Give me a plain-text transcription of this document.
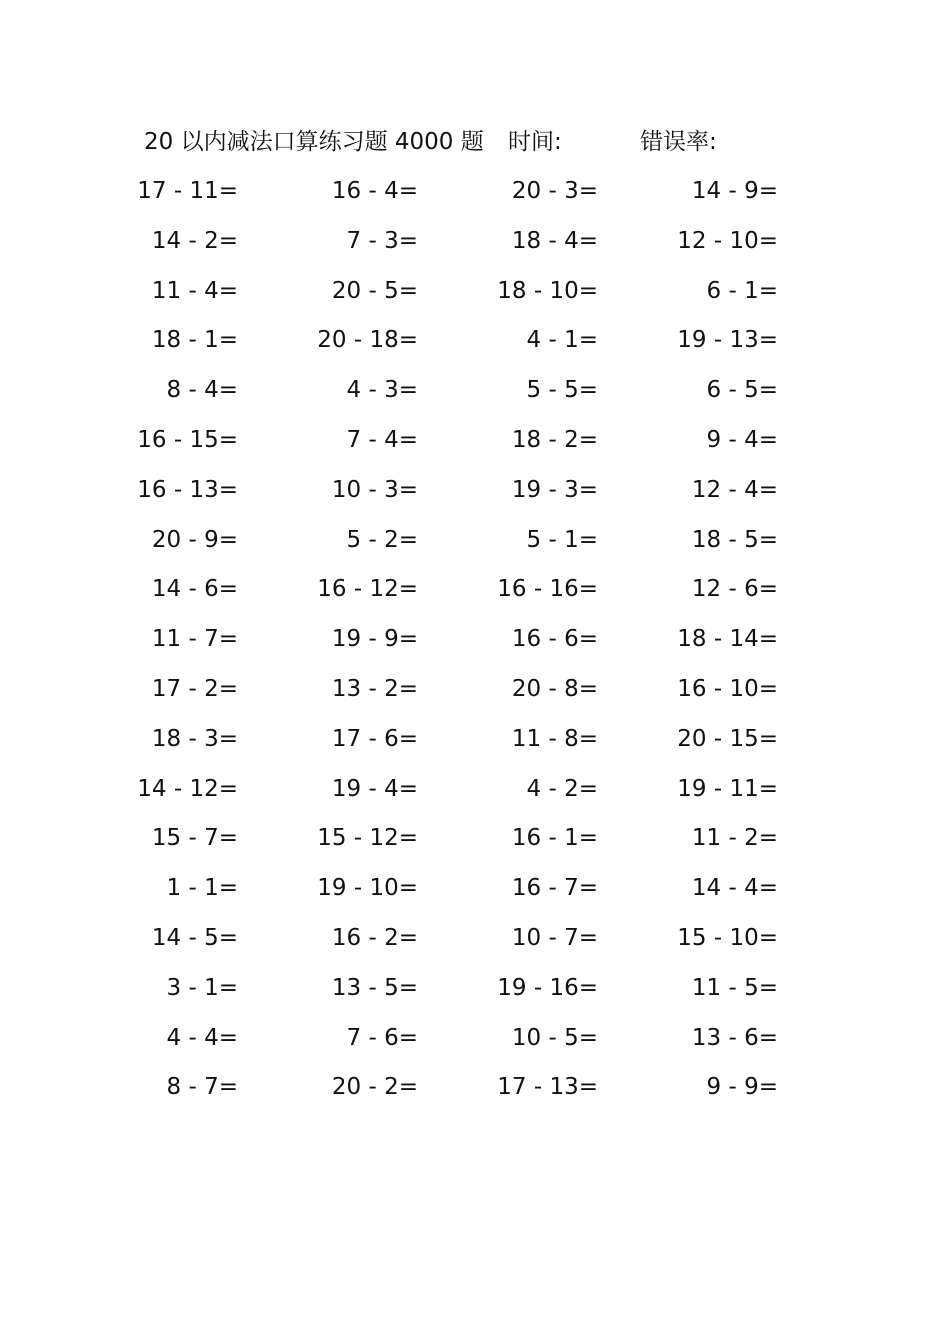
20 以内减法口算练习题 4000 题 时间:	错误率:
17 - 11=	16 - 4=	20 - 3=	14 - 9=
14 - 2=	7 - 3=	18 - 4=	12 - 10=
11 - 4=	20 - 5=	18 - 10=	6 - 1=
18 - 1=	20 - 18=	4 - 1=	19 - 13=
8 - 4=	4 - 3=	5 - 5=	6 - 5=
16 - 15=	7 - 4=	18 - 2=	9 - 4=
16 - 13=	10 - 3=	19 - 3=	12 - 4=
20 - 9=	5 - 2=	5 - 1=	18 - 5=
14 - 6=	16 - 12=	16 - 16=	12 - 6=
11 - 7=	19 - 9=	16 - 6=	18 - 14=
17 - 2=	13 - 2=	20 - 8=	16 - 10=
18 - 3=	17 - 6=	11 - 8=	20 - 15=
14 - 12=	19 - 4=	4 - 2=	19 - 11=
15 - 7=	15 - 12=	16 - 1=	11 - 2=
1 - 1=	19 - 10=	16 - 7=	14 - 4=
14 - 5=	16 - 2=	10 - 7=	15 - 10=
3 - 1=	13 - 5=	19 - 16=	11 - 5=
4 - 4=	7 - 6=	10 - 5=	13 - 6=
8 - 7=	20 - 2=	17 - 13=	9 - 9=
